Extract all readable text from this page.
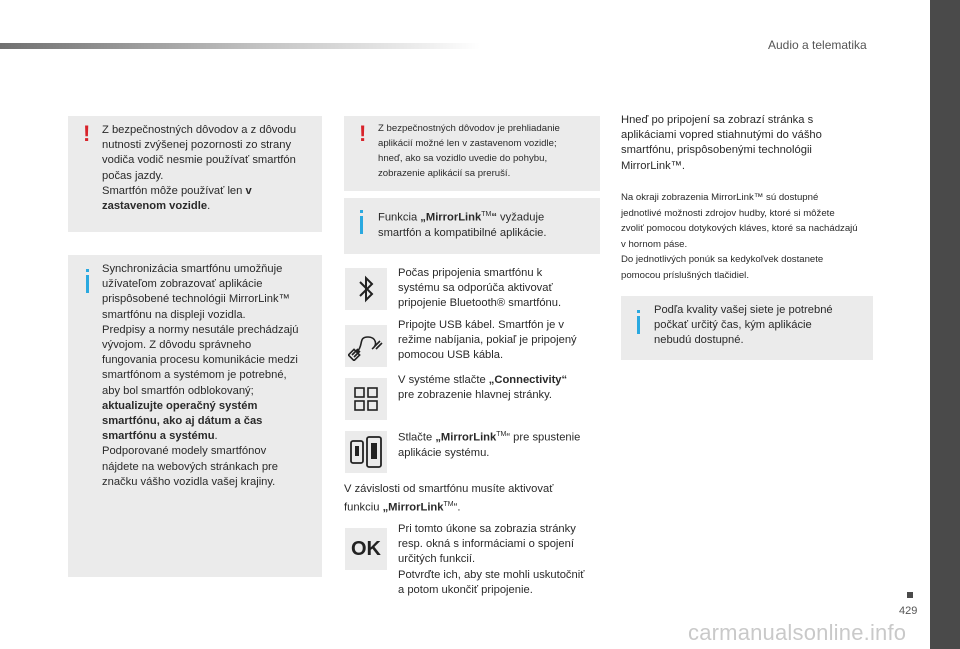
Audio a telematika
429
! Z bezpečnostných dôvodov a z dôvodu
nutnosti zvýšenej pozornosti zo strany
vodiča vodič nesmie používať smartfón
počas jazdy.
Smartfón môže používať len v
zastavenom vozidle.
Synchronizácia smartfónu umožňuje
užívateľom zobrazovať aplikácie
prispôsobené technológii MirrorLink™
smartfónu na displeji vozidla.
Predpisy a normy nesutále prechádzajú
vývojom. Z dôvodu správneho
fungovania procesu komunikácie medzi
smartfónom a systémom je potrebné,
aby bol smartfón odblokovaný;
aktualizujte operačný systém
smartfónu, ako aj dátum a čas
smartfónu a systému.
Podporované modely smartfónov
nájdete na webových stránkach pre
značku vášho vozidla vašej krajiny.
! Z bezpečnostných dôvodov je prehliadanie
aplikácií možné len v zastavenom vozidle;
hneď, ako sa vozidlo uvedie do pohybu,
zobrazenie aplikácií sa preruší.
Funkcia „MirrorLink™“ vyžaduje
smartfón a kompatibilné aplikácie.
Počas pripojenia smartfónu k
systému sa odporúča aktivovať
pripojenie Bluetooth® smartfónu.
Pripojte USB kábel. Smartfón je v
režime nabíjania, pokiaľ je pripojený
pomocou USB kábla.
V systéme stlačte „Connectivity“
pre zobrazenie hlavnej stránky.
Stlačte „MirrorLink™“ pre spustenie
aplikácie systému.
V závislosti od smartfónu musíte aktivovať
funkciu „MirrorLink™“.
OK
Pri tomto úkone sa zobrazia stránky
resp. okná s informáciami o spojení
určitých funkcií.
Potvrďte ich, aby ste mohli uskutočniť
a potom ukončiť pripojenie.
Hneď po pripojení sa zobrazí stránka s
aplikáciami vopred stiahnutými do vášho
smartfónu, prispôsobenými technológii
MirrorLink™.
Na okraji zobrazenia MirrorLink™ sú dostupné
jednotlivé možnosti zdrojov hudby, ktoré si môžete
zvoliť pomocou dotykových kláves, ktoré sa nachádzajú
v hornom páse.
Do jednotlivých ponúk sa kedykoľvek dostanete
pomocou príslušných tlačidiel.
Podľa kvality vašej siete je potrebné
počkať určitý čas, kým aplikácie
nebudú dostupné.
carmanualsonline.info
